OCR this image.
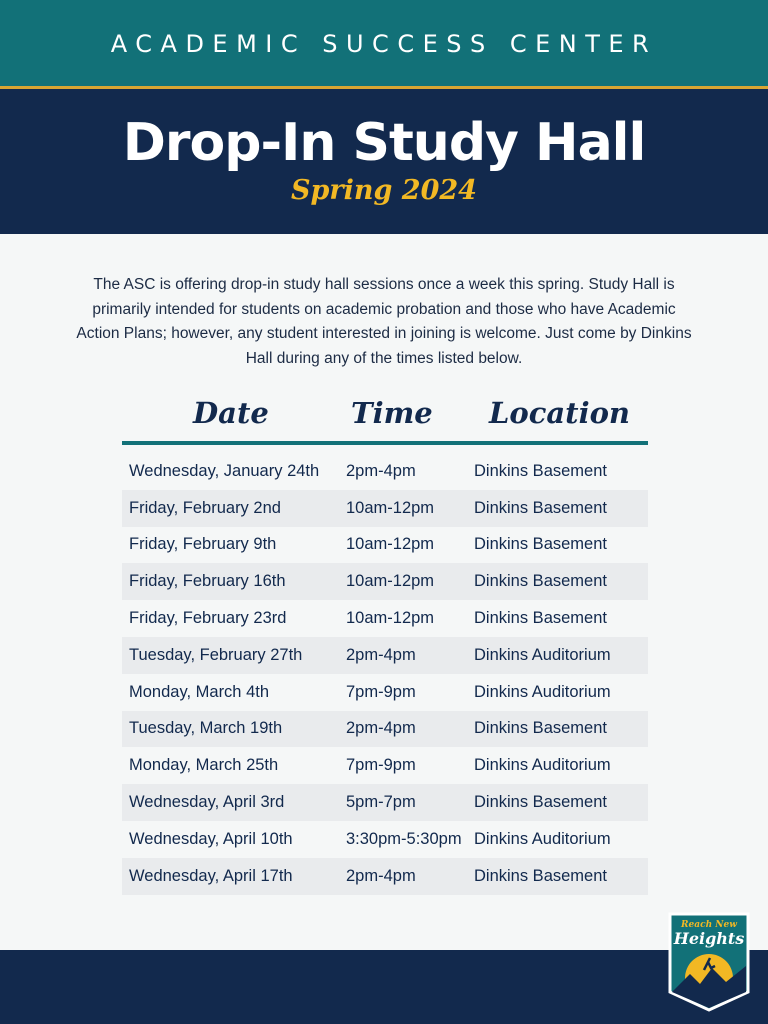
ACADEMIC SUCCESS CENTER
Drop-In Study Hall
Spring 2024
The ASC is offering drop-in study hall sessions once a week this spring. Study Hall is primarily intended for students on academic probation and those who have Academic Action Plans; however, any student interested in joining is welcome. Just come by Dinkins Hall during any of the times listed below.
Date	Time Location
Wednesday, January 24th	2pm-4pm	Dinkins Basement
Friday, February 2nd	10am-12pm	Dinkins Basement
Friday, February 9th	10am-12pm	Dinkins Basement
Friday, February 16th	10am-12pm	Dinkins Basement
Friday, February 23rd	10am-12pm	Dinkins Basement
Tuesday, February 27th	2pm-4pm	Dinkins Auditorium
Monday, March 4th	7pm-9pm	Dinkins Auditorium
Tuesday, March 19th	2pm-4pm	Dinkins Basement
Monday, March 25th	7pm-9pm	Dinkins Auditorium
Wednesday, April 3rd	5pm-7pm	Dinkins Basement
Wednesday, April 10th	3:30pm-5:30pm Dinkins Auditorium
Wednesday, April 17th	2pm-4pm	Dinkins Basement
Reach New
Heights
